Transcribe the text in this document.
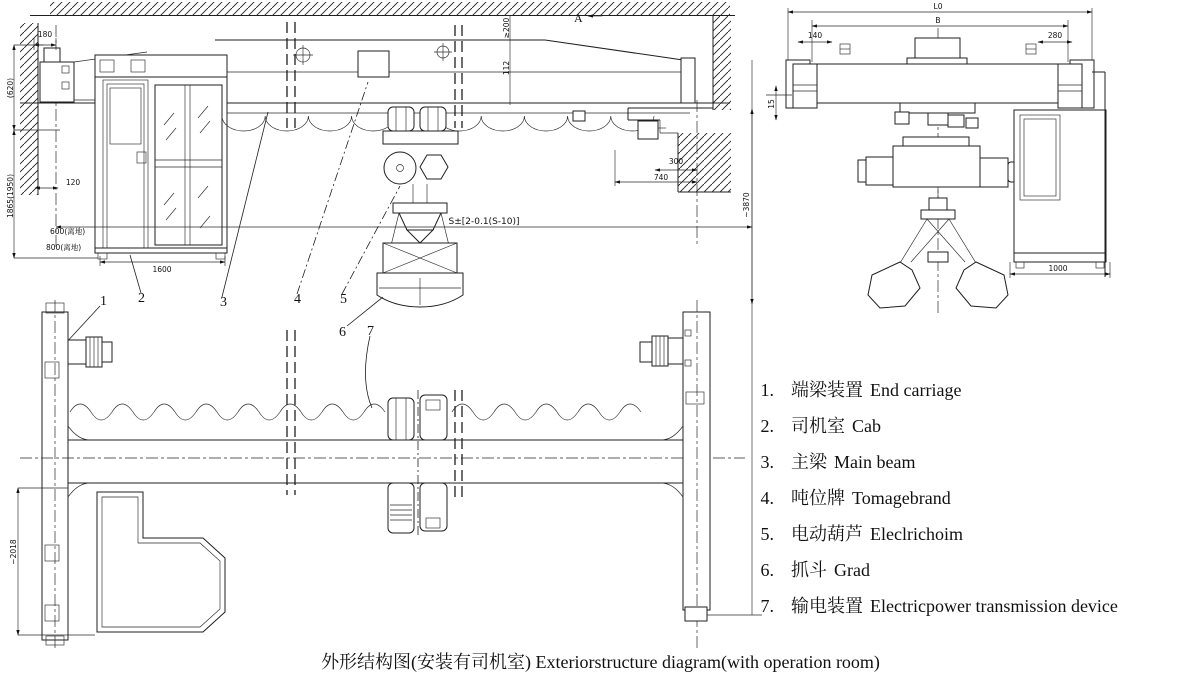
180
(620)
1865(1950)	120
600(离地)
800(离地)
1600
≥200
112
A
300
740
S±[2-0.1(S-10)]
~3870
1 2	3	4	5
6 7
~2018
L0
B
140	280
15
1000
1. 端梁装置 End carriage
2. 司机室 Cab
3. 主梁 Main beam
4. 吨位牌 Tomagebrand
5. 电动葫芦 Eleclrichoim
6. 抓斗 Grad
7. 输电装置 Electricpower transmission device
外形结构图(安装有司机室) Exteriorstructure diagram(with operation room)
